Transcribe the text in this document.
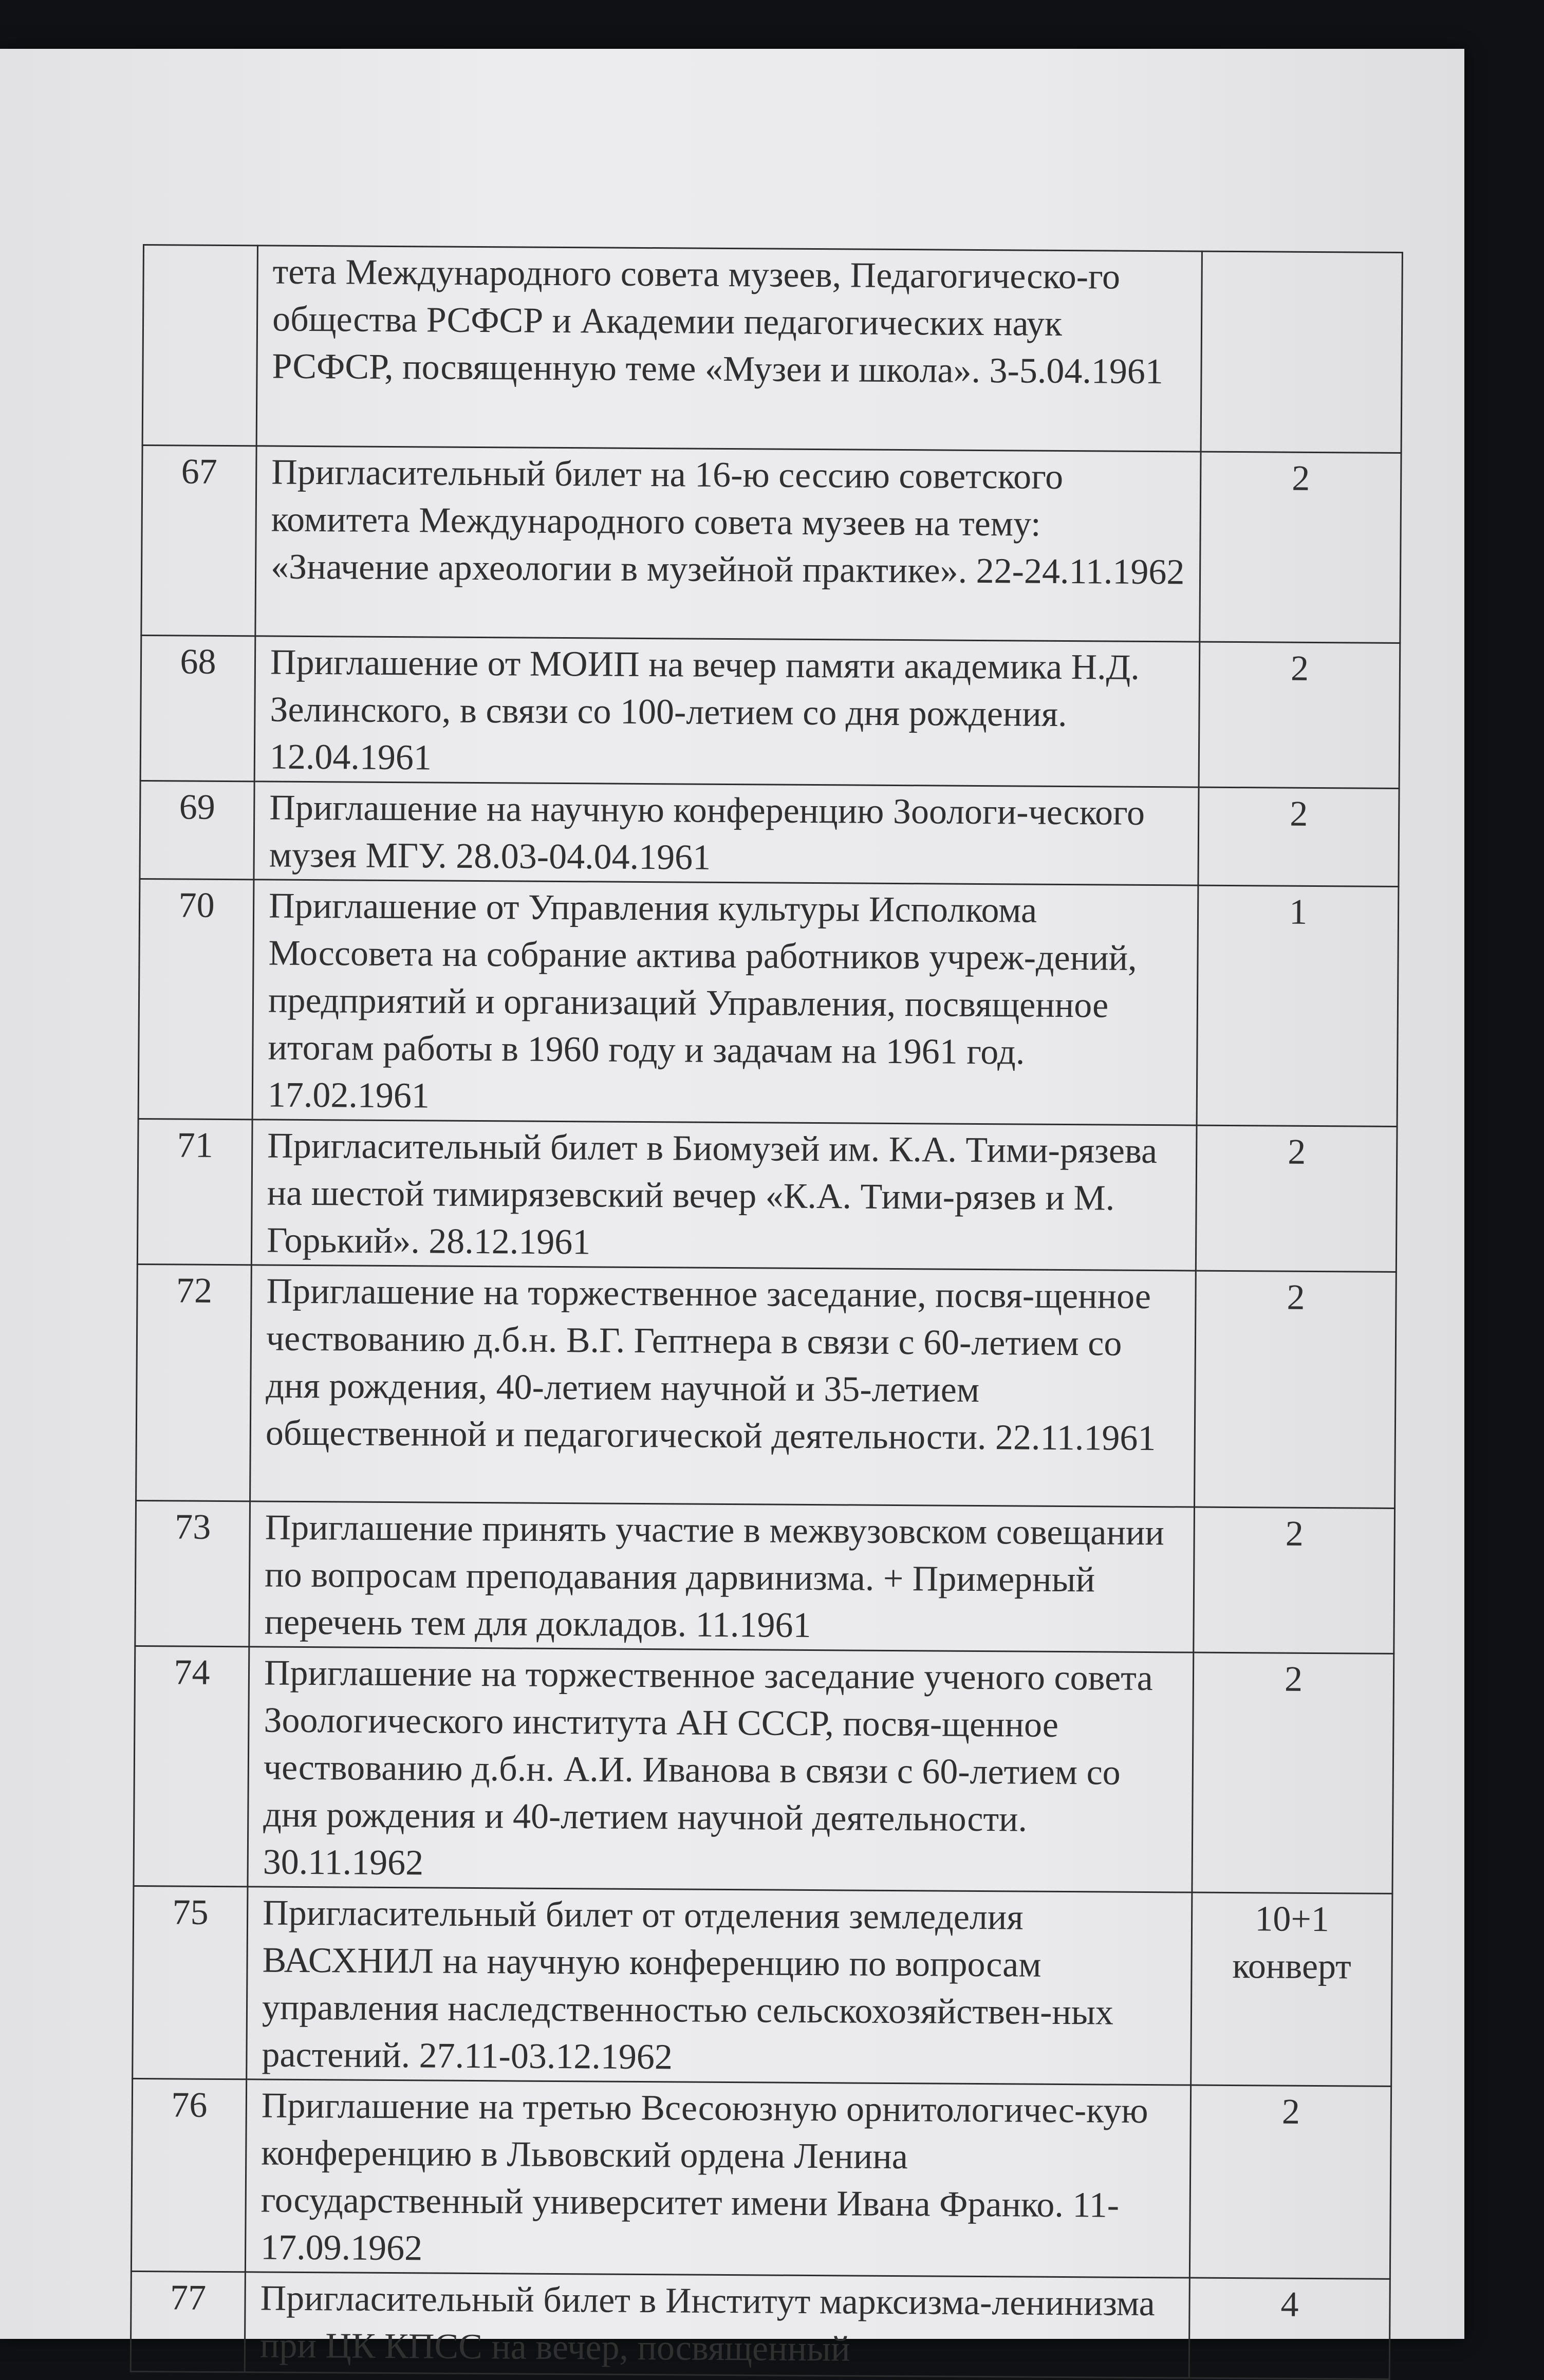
	тета Международного совета музеев, Педагогическо-го общества РСФСР и Академии педагогических наук РСФСР, посвященную теме «Музеи и школа». 3-5.04.1961	
67	Пригласительный билет на 16-ю сессию советского комитета Международного совета музеев на тему: «Значение археологии в музейной практике». 22-24.11.1962	2
68	Приглашение от МОИП на вечер памяти академика Н.Д. Зелинского, в связи со 100-летием со дня рождения. 12.04.1961	2
69	Приглашение на научную конференцию Зоологи-ческого музея МГУ. 28.03-04.04.1961	2
70	Приглашение от Управления культуры Исполкома Моссовета на собрание актива работников учреж-дений, предприятий и организаций Управления, посвященное итогам работы в 1960 году и задачам на 1961 год. 17.02.1961	1
71	Пригласительный билет в Биомузей им. К.А. Тими-рязева на шестой тимирязевский вечер «К.А. Тими-рязев и М. Горький». 28.12.1961	2
72	Приглашение на торжественное заседание, посвя-щенное чествованию д.б.н. В.Г. Гептнера в связи с 60-летием со дня рождения, 40-летием научной и 35-летием общественной и педагогической деятельности. 22.11.1961	2
73	Приглашение принять участие в межвузовском совещании по вопросам преподавания дарвинизма. + Примерный перечень тем для докладов. 11.1961	2
74	Приглашение на торжественное заседание ученого совета Зоологического института АН СССР, посвя-щенное чествованию д.б.н. А.И. Иванова в связи с 60-летием со дня рождения и 40-летием научной деятельности. 30.11.1962	2
75	Пригласительный билет от отделения земледелия ВАСХНИЛ на научную конференцию по вопросам управления наследственностью сельскохозяйствен-ных растений. 27.11-03.12.1962	10+1 конверт
76	Приглашение на третью Всесоюзную орнитологичес-кую конференцию в Львовский ордена Ленина государственный университет имени Ивана Франко. 11-17.09.1962	2
77	Пригласительный билет в Институт марксизма-ленинизма при ЦК КПСС на вечер, посвященный	4
